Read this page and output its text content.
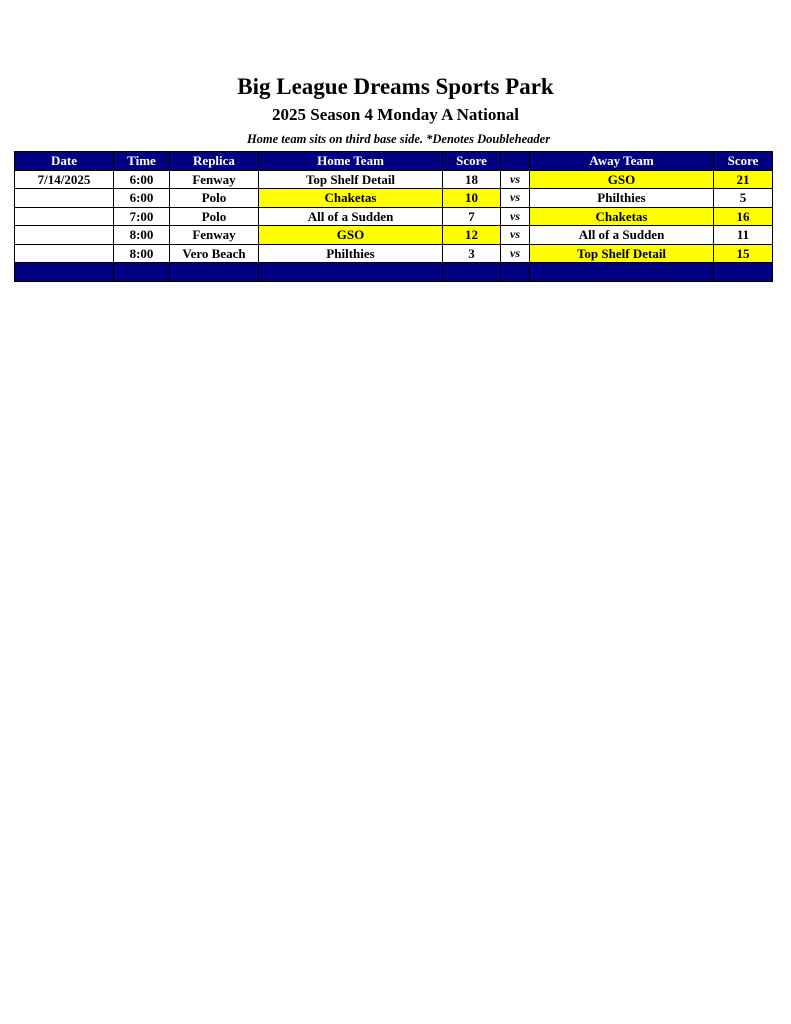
Big League Dreams Sports Park
2025 Season 4 Monday A National
Home team sits on third base side. *Denotes Doubleheader
Date	Time	Replica	Home Team	Score		Away Team	Score
7/14/2025	6:00	Fenway	Top Shelf Detail	18	vs	GSO	21
	6:00	Polo	Chaketas	10	vs	Philthies	5
	7:00	Polo	All of a Sudden	7	vs	Chaketas	16
	8:00	Fenway	GSO	12	vs	All of a Sudden	11
	8:00	Vero Beach	Philthies	3	vs	Top Shelf Detail	15
